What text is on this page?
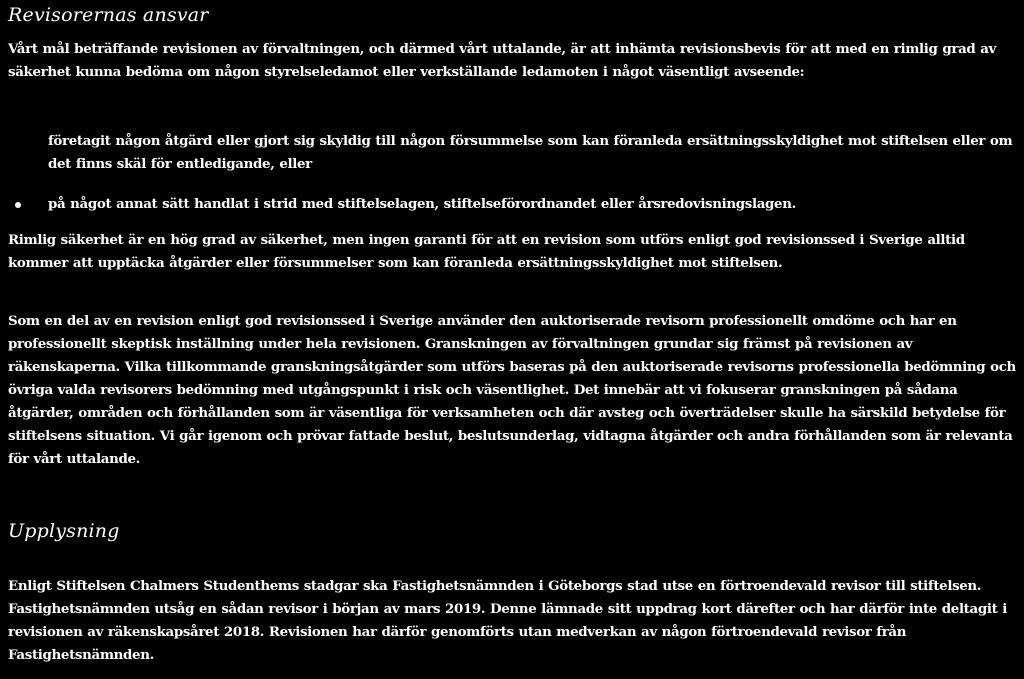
Revisorernas ansvar

Vårt mål beträffande revisionen av förvaltningen, och därmed vårt uttalande, är att inhämta revisionsbevis för att med en rimlig grad av säkerhet kunna bedöma om någon styrelseledamot eller verkställande ledamoten i något väsentligt avseende:

företagit någon åtgärd eller gjort sig skyldig till någon försummelse som kan föranleda ersättningsskyldighet mot stiftelsen eller om det finns skäl för entledigande, eller
på något annat sätt handlat i strid med stiftelselagen, stiftelseförordnandet eller årsredovisningslagen.

Rimlig säkerhet är en hög grad av säkerhet, men ingen garanti för att en revision som utförs enligt god revisionssed i Sverige alltid kommer att upptäcka åtgärder eller försummelser som kan föranleda ersättningsskyldighet mot stiftelsen.

Som en del av en revision enligt god revisionssed i Sverige använder den auktoriserade revisorn professionellt omdöme och har en professionellt skeptisk inställning under hela revisionen. Granskningen av förvaltningen grundar sig främst på revisionen av räkenskaperna. Vilka tillkommande granskningsåtgärder som utförs baseras på den auktoriserade revisorns professionella bedömning och övriga valda revisorers bedömning med utgångspunkt i risk och väsentlighet. Det innebär att vi fokuserar granskningen på sådana åtgärder, områden och förhållanden som är väsentliga för verksamheten och där avsteg och överträdelser skulle ha särskild betydelse för stiftelsens situation. Vi går igenom och prövar fattade beslut, beslutsunderlag, vidtagna åtgärder och andra förhållanden som är relevanta för vårt uttalande.

Upplysning

Enligt Stiftelsen Chalmers Studenthems stadgar ska Fastighetsnämnden i Göteborgs stad utse en förtroendevald revisor till stiftelsen. Fastighetsnämnden utsåg en sådan revisor i början av mars 2019. Denne lämnade sitt uppdrag kort därefter och har därför inte deltagit i revisionen av räkenskapsåret 2018. Revisionen har därför genomförts utan medverkan av någon förtroendevald revisor från Fastighetsnämnden.
